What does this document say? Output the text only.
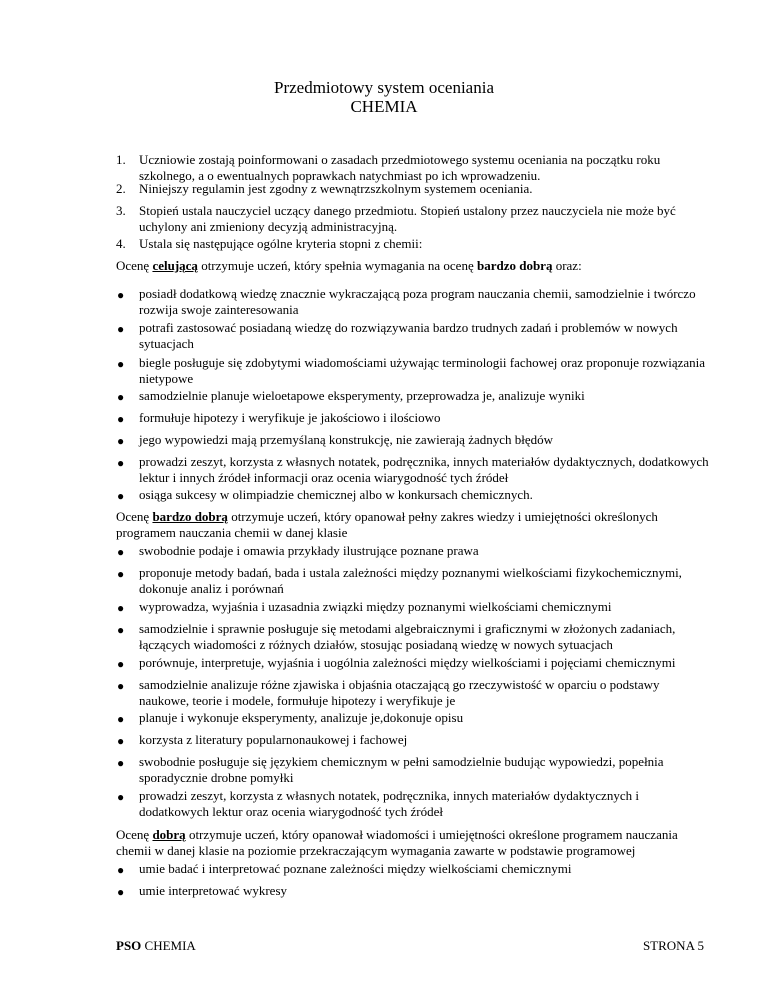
Przedmiotowy system oceniania
CHEMIA
1. Uczniowie zostają poinformowani o zasadach przedmiotowego systemu oceniania na początku roku szkolnego, a o ewentualnych poprawkach natychmiast po ich wprowadzeniu.
2. Niniejszy regulamin jest zgodny z wewnątrzszkolnym systemem oceniania.
3. Stopień ustala nauczyciel uczący danego przedmiotu. Stopień ustalony przez nauczyciela nie może być uchylony ani zmieniony decyzją administracyjną.
4. Ustala się następujące ogólne kryteria stopni z chemii:
Ocenę celującą otrzymuje uczeń, który spełnia wymagania na ocenę bardzo dobrą oraz:
● posiadł dodatkową wiedzę znacznie wykraczającą poza program nauczania chemii, samodzielnie i twórczo rozwija swoje zainteresowania
● potrafi zastosować posiadaną wiedzę do rozwiązywania bardzo trudnych zadań i problemów w nowych sytuacjach
● biegle posługuje się zdobytymi wiadomościami używając terminologii fachowej oraz proponuje rozwiązania nietypowe
● samodzielnie planuje wieloetapowe eksperymenty, przeprowadza je, analizuje wyniki
● formułuje hipotezy i weryfikuje je jakościowo i ilościowo
● jego wypowiedzi mają przemyślaną konstrukcję, nie zawierają żadnych błędów
● prowadzi zeszyt, korzysta z własnych notatek, podręcznika, innych materiałów dydaktycznych, dodatkowych lektur i innych źródeł informacji oraz ocenia wiarygodność tych źródeł
● osiąga sukcesy w olimpiadzie chemicznej albo w konkursach chemicznych.
Ocenę bardzo dobrą otrzymuje uczeń, który opanował pełny zakres wiedzy i umiejętności określonych programem nauczania chemii w danej klasie
● swobodnie podaje i omawia przykłady ilustrujące poznane prawa
● proponuje metody badań, bada i ustala zależności między poznanymi wielkościami fizykochemicznymi, dokonuje analiz i porównań
● wyprowadza, wyjaśnia i uzasadnia związki między poznanymi wielkościami chemicznymi
● samodzielnie i sprawnie posługuje się metodami algebraicznymi i graficznymi w złożonych zadaniach, łączących wiadomości z różnych działów, stosując posiadaną wiedzę w nowych sytuacjach
● porównuje, interpretuje, wyjaśnia i uogólnia zależności między wielkościami i pojęciami chemicznymi
● samodzielnie analizuje różne zjawiska i objaśnia otaczającą go rzeczywistość w oparciu o podstawy naukowe, teorie i modele, formułuje hipotezy i weryfikuje je
● planuje i wykonuje eksperymenty, analizuje je,dokonuje opisu
● korzysta z literatury popularnonaukowej i fachowej
● swobodnie posługuje się językiem chemicznym w pełni samodzielnie budując wypowiedzi, popełnia sporadycznie drobne pomyłki
● prowadzi zeszyt, korzysta z własnych notatek, podręcznika, innych materiałów dydaktycznych i dodatkowych lektur oraz ocenia wiarygodność tych źródeł
Ocenę dobrą otrzymuje uczeń, który opanował wiadomości i umiejętności określone programem nauczania chemii w danej klasie na poziomie przekraczającym wymagania zawarte w podstawie programowej
● umie badać i interpretować poznane zależności między wielkościami chemicznymi
● umie interpretować wykresy
PSO CHEMIA	STRONA 5
